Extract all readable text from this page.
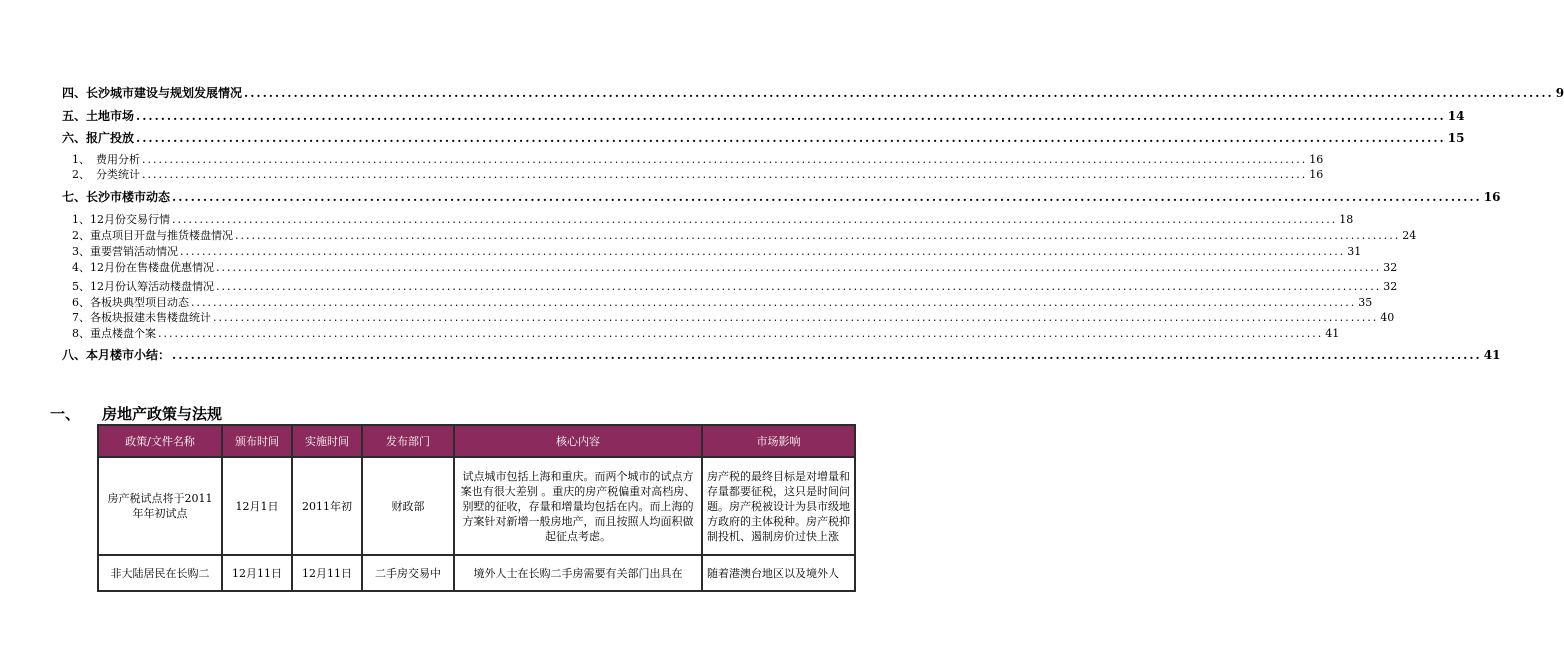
四、 长沙城市建设与规划发展情况 .................................................................................................................................................................................................................... 9
五、 土地市场 .................................................................................................................................................................................................................... 14
六、 报广投放 .................................................................................................................................................................................................................... 15
1、 费用分析 .................................................................................................................................................................................................................... 16
2、 分类统计 .................................................................................................................................................................................................................... 16
七、 长沙市楼市动态 .................................................................................................................................................................................................................... 16
1、12月份交易行情 .................................................................................................................................................................................................................... 18
2、重点项目开盘与推货楼盘情况 .................................................................................................................................................................................................................... 24
3、重要营销活动情况 .................................................................................................................................................................................................................... 31
4、12月份在售楼盘优惠情况 .................................................................................................................................................................................................................... 32
5、12月份认筹活动楼盘情况 .................................................................................................................................................................................................................... 32
6、各板块典型项目动态 .................................................................................................................................................................................................................... 35
7、各板块报建未售楼盘统计 .................................................................................................................................................................................................................... 40
8、重点楼盘个案 .................................................................................................................................................................................................................... 41
八、 本月楼市小结： .................................................................................................................................................................................................................... 41
一、	房地产政策与法规
政策/文件名称	颁布时间	实施时间	发布部门	核心内容	市场影响
房产税试点将于2011年年初试点	12月1日	2011年初	财政部	试点城市包括上海和重庆。而两个城市的试点方案也有很大差别 。重庆的房产税偏重对高档房、别墅的征收，存量和增量均包括在内。而上海的方案针对新增一般房地产，而且按照人均面积做起征点考虑。	房产税的最终目标是对增量和存量都要征税，这只是时间问题。房产税被设计为县市级地方政府的主体税种。房产税抑制投机、遏制房价过快上涨
非大陆居民在长购二	12月11日	12月11日	二手房交易中	境外人士在长购二手房需要有关部门出具在	随着港澳台地区以及境外人
